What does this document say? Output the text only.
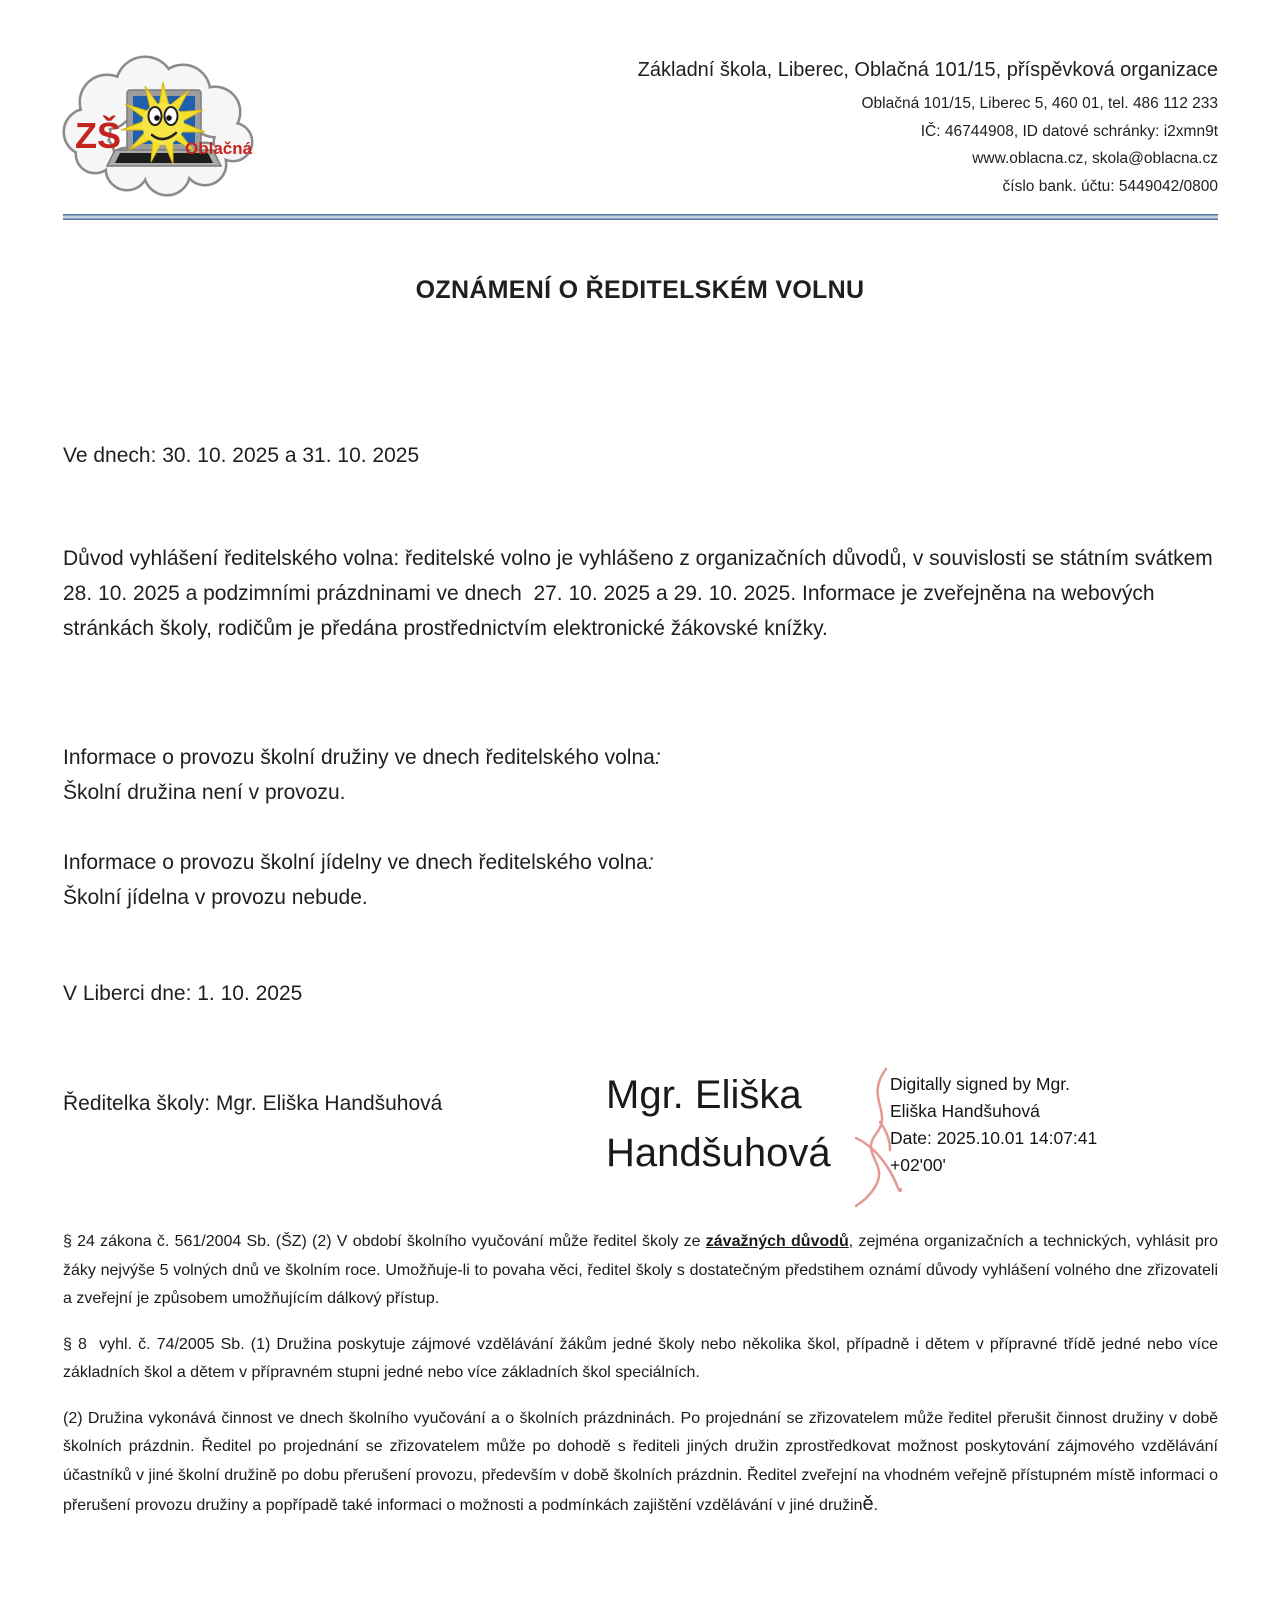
ZŠ	Oblačná
Základní škola, Liberec, Oblačná 101/15, příspěvková organizace
Oblačná 101/15, Liberec 5, 460 01, tel. 486 112 233
IČ: 46744908, ID datové schránky: i2xmn9t
www.oblacna.cz, skola@oblacna.cz
číslo bank. účtu: 5449042/0800
OZNÁMENÍ O ŘEDITELSKÉM VOLNU
Ve dnech: 30. 10. 2025 a 31. 10. 2025
Důvod vyhlášení ředitelského volna: ředitelské volno je vyhlášeno z organizačních důvodů, v souvislosti se státním svátkem 28. 10. 2025 a podzimními prázdninami ve dnech  27. 10. 2025 a 29. 10. 2025. Informace je zveřejněna na webových stránkách školy, rodičům je předána prostřednictvím elektronické žákovské knížky.
Informace o provozu školní družiny ve dnech ředitelského volna:
Školní družina není v provozu.
Informace o provozu školní jídelny ve dnech ředitelského volna:
Školní jídelna v provozu nebude.
V Liberci dne: 1. 10. 2025
Ředitelka školy: Mgr. Eliška Handšuhová	Mgr. Eliška
Handšuhová
Digitally signed by Mgr.
Eliška Handšuhová
Date: 2025.10.01 14:07:41
+02'00'

§ 24 zákona č. 561/2004 Sb. (ŠZ) (2) V období školního vyučování může ředitel školy ze závažných důvodů, zejména organizačních a technických, vyhlásit pro žáky nejvýše 5 volných dnů ve školním roce. Umožňuje-li to povaha věci, ředitel školy s dostatečným předstihem oznámí důvody vyhlášení volného dne zřizovateli a zveřejní je způsobem umožňujícím dálkový přístup.

§ 8  vyhl. č. 74/2005 Sb. (1) Družina poskytuje zájmové vzdělávání žákům jedné školy nebo několika škol, případně i dětem v přípravné třídě jedné nebo více základních škol a dětem v přípravném stupni jedné nebo více základních škol speciálních.

(2) Družina vykonává činnost ve dnech školního vyučování a o školních prázdninách. Po projednání se zřizovatelem může ředitel přerušit činnost družiny v době školních prázdnin. Ředitel po projednání se zřizovatelem může po dohodě s řediteli jiných družin zprostředkovat možnost poskytování zájmového vzdělávání účastníků v jiné školní družině po dobu přerušení provozu, především v době školních prázdnin. Ředitel zveřejní na vhodném veřejně přístupném místě informaci o přerušení provozu družiny a popřípadě také informaci o možnosti a podmínkách zajištění vzdělávání v jiné družině.
